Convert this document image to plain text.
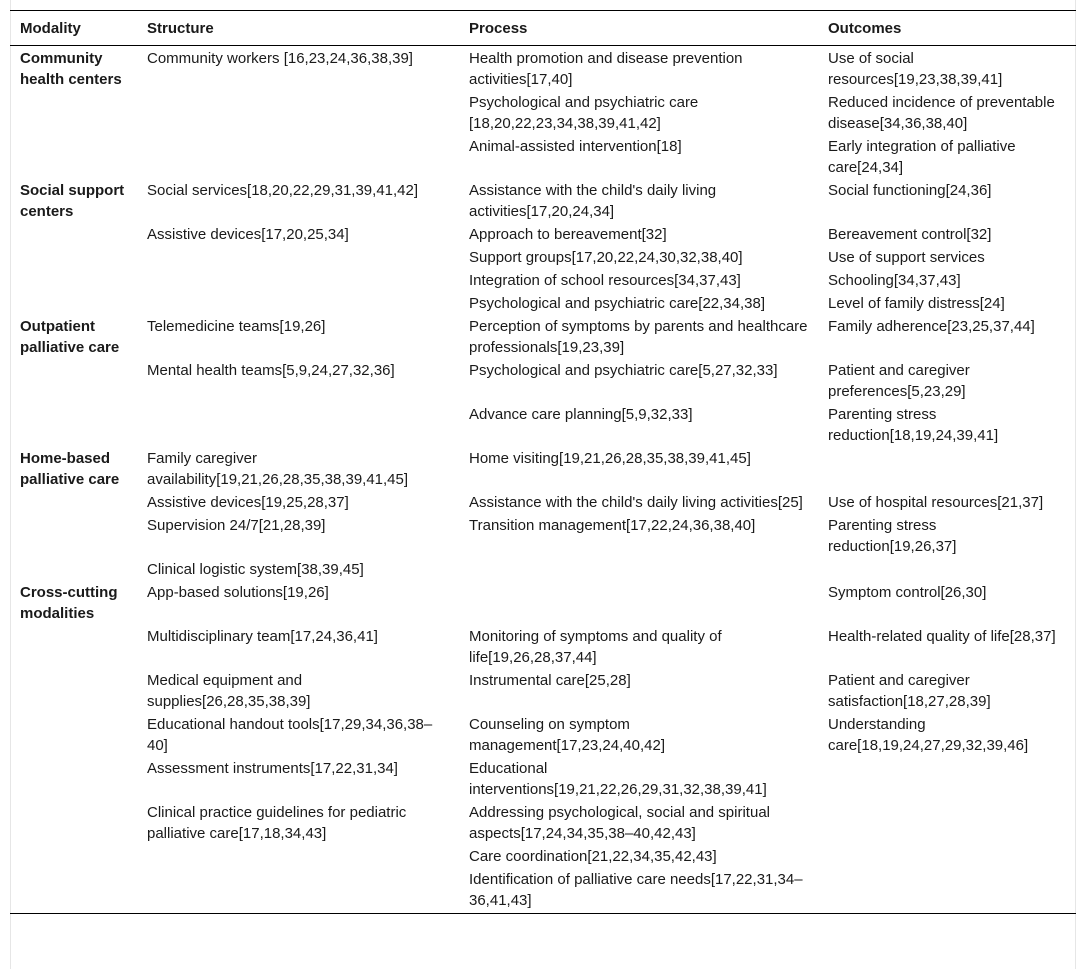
Modality	Structure	Process	Outcomes
Community health centers	Community workers [16,23,24,36,38,39]	Health promotion and disease prevention activities[17,40]	Use of social resources[19,23,38,39,41]
		Psychological and psychiatric care [18,20,22,23,34,38,39,41,42]	Reduced incidence of preventable disease[34,36,38,40]
		Animal-assisted intervention[18]	Early integration of palliative care[24,34]
Social support centers	Social services[18,20,22,29,31,39,41,42]	Assistance with the child's daily living activities[17,20,24,34]	Social functioning[24,36]
	Assistive devices[17,20,25,34]	Approach to bereavement[32]	Bereavement control[32]
		Support groups[17,20,22,24,30,32,38,40]	Use of support services
		Integration of school resources[34,37,43]	Schooling[34,37,43]
		Psychological and psychiatric care[22,34,38]	Level of family distress[24]
Outpatient palliative care	Telemedicine teams[19,26]	Perception of symptoms by parents and healthcare professionals[19,23,39]	Family adherence[23,25,37,44]
	Mental health teams[5,9,24,27,32,36]	Psychological and psychiatric care[5,27,32,33]	Patient and caregiver preferences[5,23,29]
		Advance care planning[5,9,32,33]	Parenting stress reduction[18,19,24,39,41]
Home-based palliative care	Family caregiver availability[19,21,26,28,35,38,39,41,45]	Home visiting[19,21,26,28,35,38,39,41,45]	
	Assistive devices[19,25,28,37]	Assistance with the child's daily living activities[25]	Use of hospital resources[21,37]
	Supervision 24/7[21,28,39]	Transition management[17,22,24,36,38,40]	Parenting stress reduction[19,26,37]
	Clinical logistic system[38,39,45]		
Cross-cutting modalities	App-based solutions[19,26]		Symptom control[26,30]
	Multidisciplinary team[17,24,36,41]	Monitoring of symptoms and quality of life[19,26,28,37,44]	Health-related quality of life[28,37]
	Medical equipment and supplies[26,28,35,38,39]	Instrumental care[25,28]	Patient and caregiver satisfaction[18,27,28,39]
	Educational handout tools[17,29,34,36,38–40]	Counseling on symptom management[17,23,24,40,42]	Understanding care[18,19,24,27,29,32,39,46]
	Assessment instruments[17,22,31,34]	Educational interventions[19,21,22,26,29,31,32,38,39,41]	
	Clinical practice guidelines for pediatric palliative care[17,18,34,43]	Addressing psychological, social and spiritual aspects[17,24,34,35,38–40,42,43]	
		Care coordination[21,22,34,35,42,43]	
		Identification of palliative care needs[17,22,31,34–36,41,43]	
